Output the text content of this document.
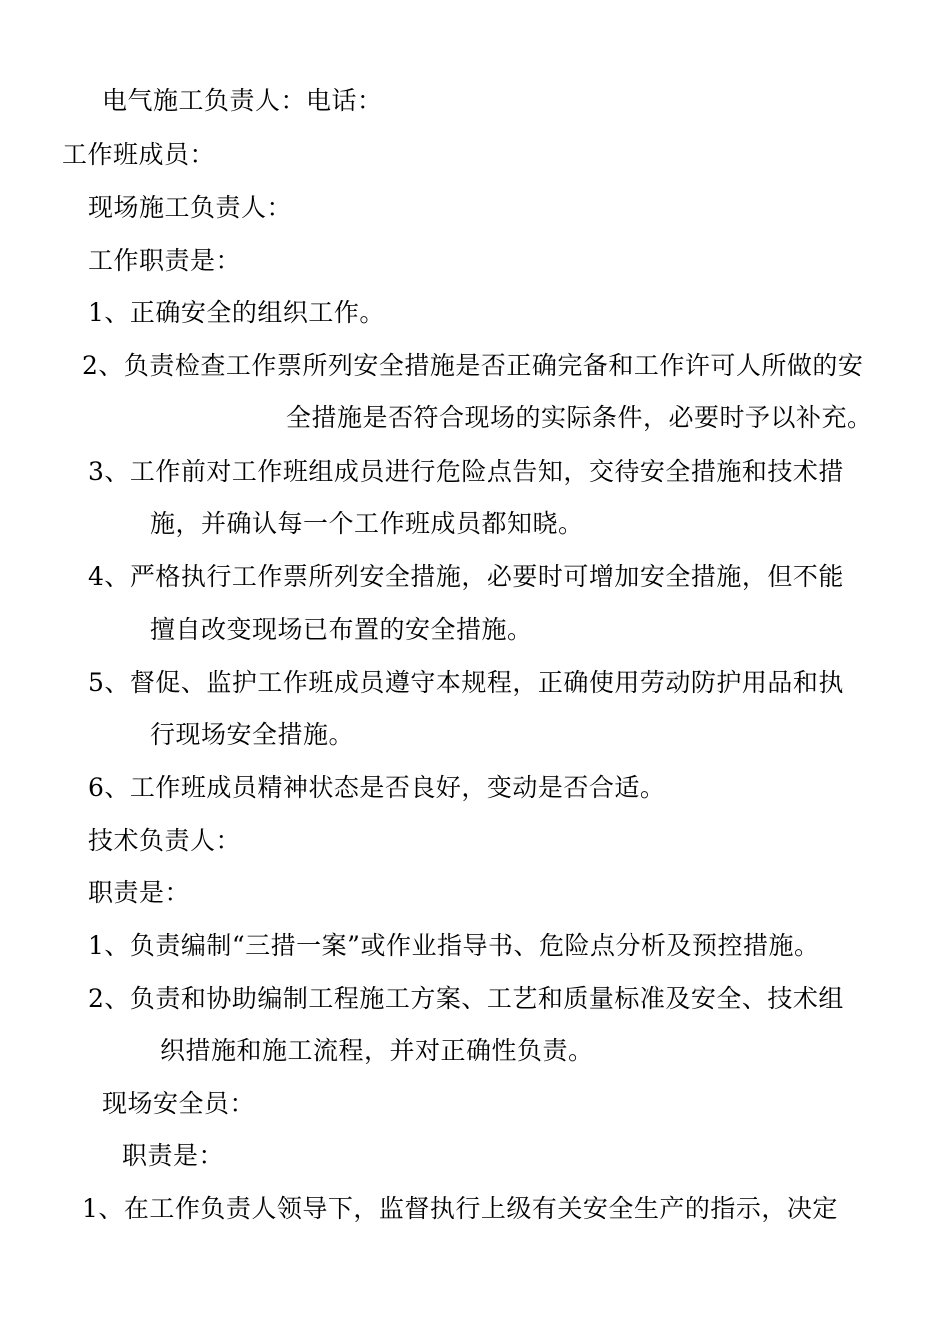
电气施工负责人：电话：
工作班成员：
现场施工负责人：
工作职责是：
1、正确安全的组织工作。
2、负责检查工作票所列安全措施是否正确完备和工作许可人所做的安
全措施是否符合现场的实际条件，必要时予以补充。
3、工作前对工作班组成员进行危险点告知，交待安全措施和技术措
施，并确认每一个工作班成员都知晓。
4、严格执行工作票所列安全措施，必要时可增加安全措施，但不能
擅自改变现场已布置的安全措施。
5、督促、监护工作班成员遵守本规程，正确使用劳动防护用品和执
行现场安全措施。
6、工作班成员精神状态是否良好，变动是否合适。
技术负责人：
职责是：
1、负责编制“三措一案”或作业指导书、危险点分析及预控措施。
2、负责和协助编制工程施工方案、工艺和质量标准及安全、技术组
织措施和施工流程，并对正确性负责。
现场安全员：
职责是：
1、在工作负责人领导下，监督执行上级有关安全生产的指示，决定
